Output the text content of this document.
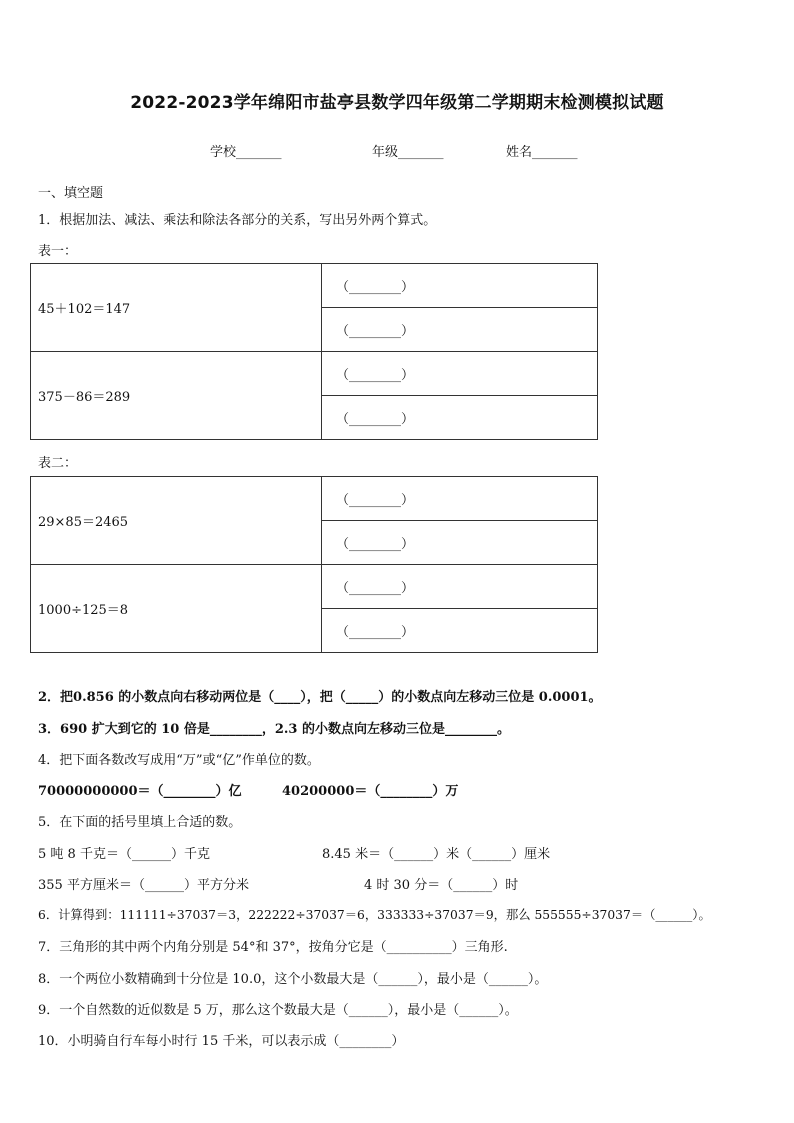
2022-2023学年绵阳市盐亭县数学四年级第二学期期末检测模拟试题
学校_______	年级_______	姓名_______
一、填空题
1．根据加法、减法、乘法和除法各部分的关系，写出另外两个算式。
表一：
45＋102＝147	（________）
	（________）
375－86＝289	（________）
	（________）
表二：
29×85＝2465	（________）
	（________）
1000÷125＝8	（________）
	（________）
2．把0.856 的小数点向右移动两位是（____），把（_____）的小数点向左移动三位是 0.0001。
3．690 扩大到它的 10 倍是________，2.3 的小数点向左移动三位是________。
4．把下面各数改写成用“万”或“亿”作单位的数。
70000000000＝（________）亿	40200000＝（________）万
5．在下面的括号里填上合适的数。
5 吨 8 千克＝（______）千克	8.45 米＝（______）米（______）厘米
355 平方厘米＝（______）平方分米	4 时 30 分＝（______）时
6．计算得到：111111÷37037＝3，222222÷37037＝6，333333÷37037＝9，那么 555555÷37037＝（______）。
7．三角形的其中两个内角分别是 54°和 37°，按角分它是（__________）三角形.
8．一个两位小数精确到十分位是 10.0，这个小数最大是（______），最小是（______）。
9．一个自然数的近似数是 5 万，那么这个数最大是（______），最小是（______）。
10．小明骑自行车每小时行 15 千米，可以表示成（________）
